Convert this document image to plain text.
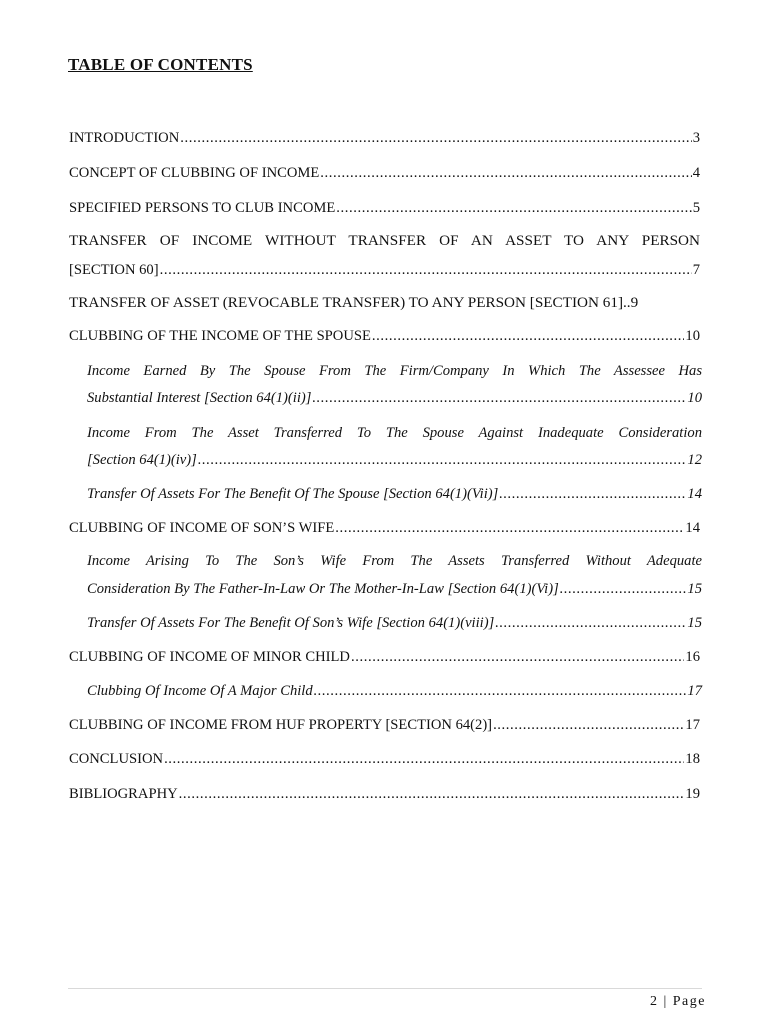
TABLE OF CONTENTS
INTRODUCTION .....	3
CONCEPT OF CLUBBING OF INCOME .....	4
SPECIFIED PERSONS TO CLUB INCOME .....	5
TRANSFER OF INCOME WITHOUT TRANSFER OF AN ASSET TO ANY PERSON
[SECTION 60] .....	7
TRANSFER OF ASSET (REVOCABLE TRANSFER) TO ANY PERSON [SECTION 61] ..9
CLUBBING OF THE INCOME OF THE SPOUSE .....	10
Income Earned By The Spouse From The Firm/Company In Which The Assessee Has
Substantial Interest [Section 64(1)(ii)] .....	10
Income From The Asset Transferred To The Spouse Against Inadequate Consideration
[Section 64(1)(iv)] .....	12
Transfer Of Assets For The Benefit Of The Spouse [Section 64(1)(Vii)] .....	14
CLUBBING OF INCOME OF SON’S WIFE .....	14
Income Arising To The Son’s Wife From The Assets Transferred Without Adequate
Consideration By The Father-In-Law Or The Mother-In-Law [Section 64(1)(Vi)] .....	15
Transfer Of Assets For The Benefit Of Son’s Wife [Section 64(1)(viii)] .....	15
CLUBBING OF INCOME OF MINOR CHILD .....	16
Clubbing Of Income Of A Major Child .....	17
CLUBBING OF INCOME FROM HUF PROPERTY [SECTION 64(2)] .....	17
CONCLUSION .....	18
BIBLIOGRAPHY .....	19
2 | Page
